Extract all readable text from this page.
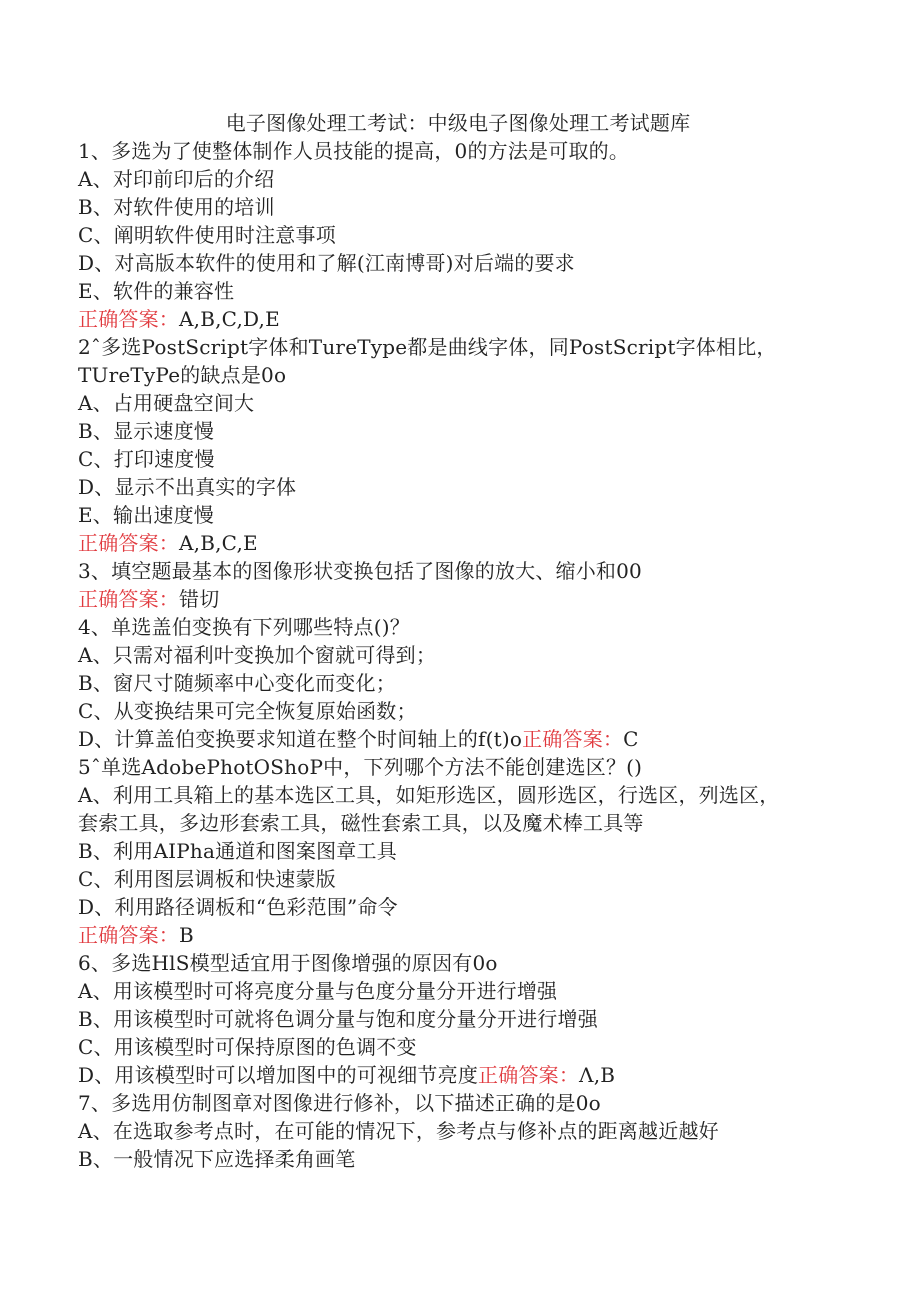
电子图像处理工考试：中级电子图像处理工考试题库
1、多选为了使整体制作人员技能的提高，0的方法是可取的。
A、对印前印后的介绍
B、对软件使用的培训
C、阐明软件使用时注意事项
D、对高版本软件的使用和了解(江南博哥)对后端的要求
E、软件的兼容性
正确答案：A,B,C,D,E
2ˆ多选PostScript字体和TureType都是曲线字体，同PostScript字体相比，
TUreTyPe的缺点是0o
A、占用硬盘空间大
B、显示速度慢
C、打印速度慢
D、显示不出真实的字体
E、输出速度慢
正确答案：A,B,C,E
3、填空题最基本的图像形状变换包括了图像的放大、缩小和00
正确答案：错切
4、单选盖伯变换有下列哪些特点()？
A、只需对福利叶变换加个窗就可得到；
B、窗尺寸随频率中心变化而变化；
C、从变换结果可完全恢复原始函数；
D、计算盖伯变换要求知道在整个时间轴上的f(t)o正确答案：C
5ˆ单选AdobePhotOShoP中，下列哪个方法不能创建选区？()
A、利用工具箱上的基本选区工具，如矩形选区，圆形选区，行选区，列选区，
套索工具，多边形套索工具，磁性套索工具，以及魔术棒工具等
B、利用AIPha通道和图案图章工具
C、利用图层调板和快速蒙版
D、利用路径调板和“色彩范围”命令
正确答案：B
6、多选HlS模型适宜用于图像增强的原因有0o
A、用该模型时可将亮度分量与色度分量分开进行增强
B、用该模型时可就将色调分量与饱和度分量分开进行增强
C、用该模型时可保持原图的色调不变
D、用该模型时可以增加图中的可视细节亮度正确答案：Λ,B
7、多选用仿制图章对图像进行修补，以下描述正确的是0o
A、在选取参考点时，在可能的情况下，参考点与修补点的距离越近越好
B、一般情况下应选择柔角画笔
